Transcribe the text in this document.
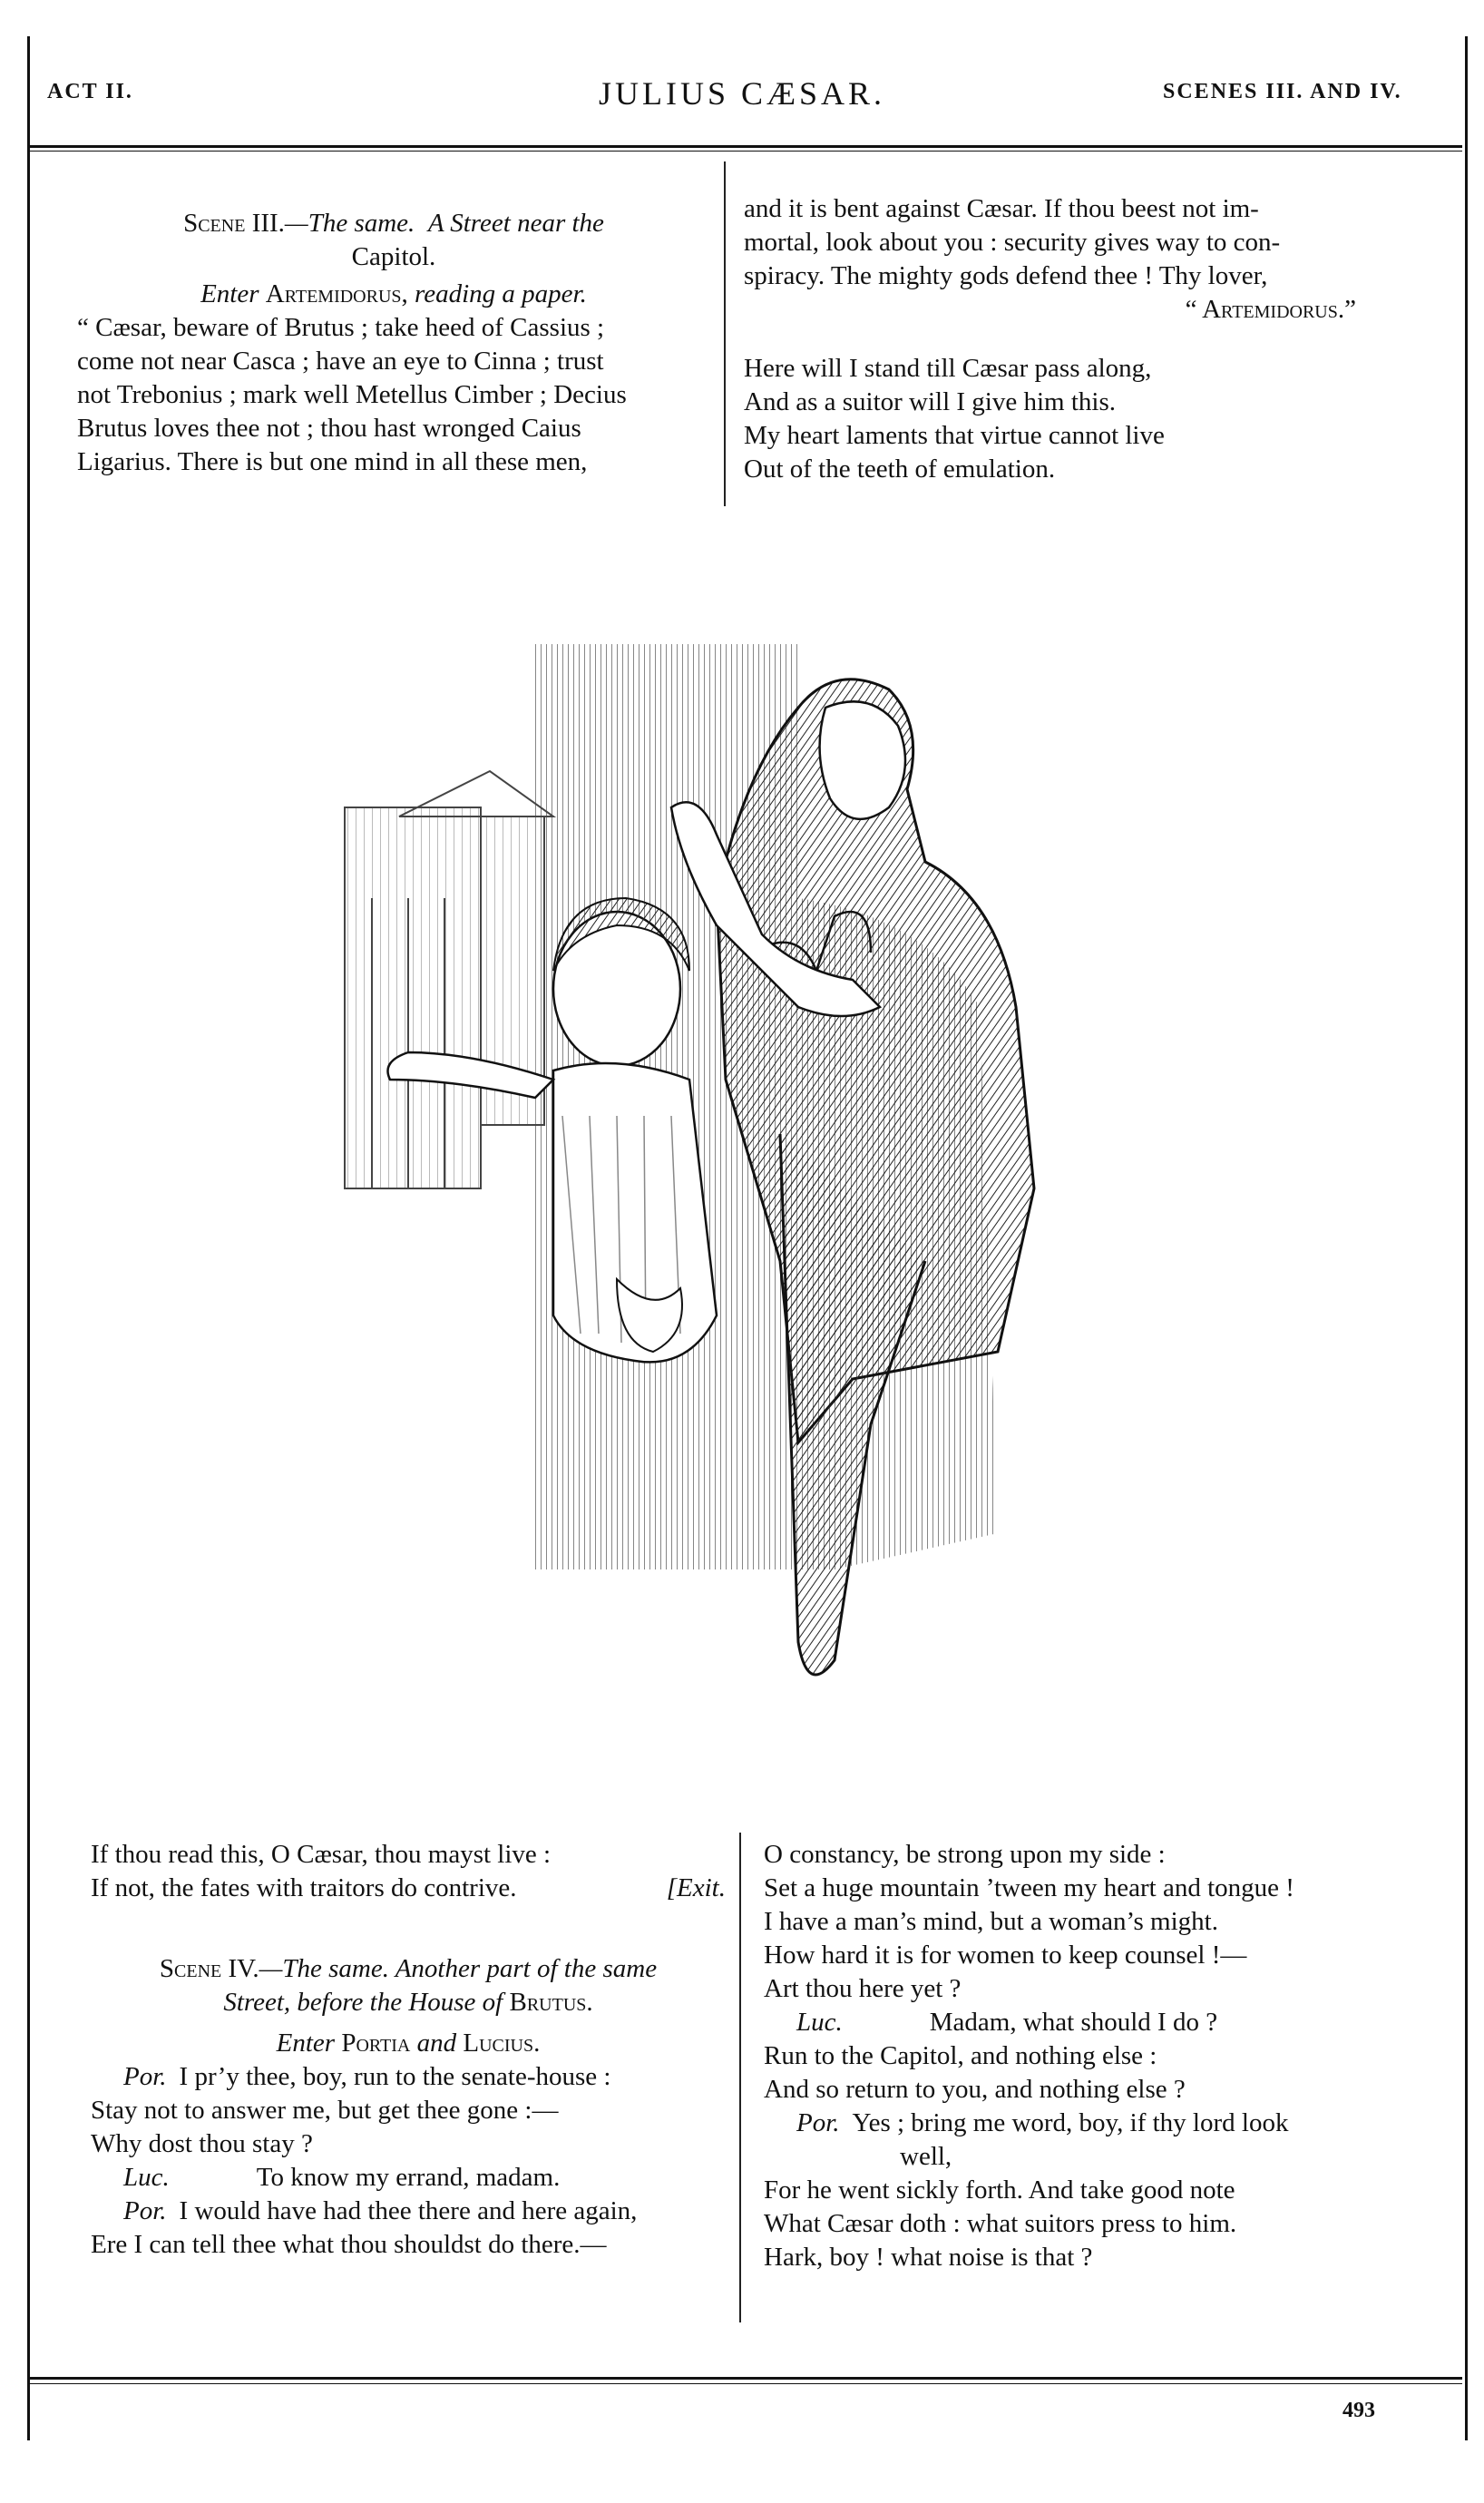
ACT II.	JULIUS CÆSAR.	SCENES III. AND IV.

Scene III.—The same. A Street near the

Capitol.

Enter Artemidorus, reading a paper.

“ Cæsar, beware of Brutus ; take heed of Cassius ;

come not near Casca ; have an eye to Cinna ; trust

not Trebonius ; mark well Metellus Cimber ; Decius

Brutus loves thee not ; thou hast wronged Caius

Ligarius. There is but one mind in all these men,

and it is bent against Cæsar. If thou beest not im-

mortal, look about you : security gives way to con-

spiracy. The mighty gods defend thee ! Thy lover,

“ Artemidorus.”

Here will I stand till Cæsar pass along,

And as a suitor will I give him this.

My heart laments that virtue cannot live

Out of the teeth of emulation.

If thou read this, O Cæsar, thou mayst live :

If not, the fates with traitors do contrive.	[Exit.

Scene IV.—The same. Another part of the same

Street, before the House of Brutus.

Enter Portia and Lucius.

Por. I pr’y thee, boy, run to the senate-house :

Stay not to answer me, but get thee gone :—

Why dost thou stay ?

Luc.	To know my errand, madam.

Por. I would have had thee there and here again,

Ere I can tell thee what thou shouldst do there.—

O constancy, be strong upon my side :

Set a huge mountain ’tween my heart and tongue !

I have a man’s mind, but a woman’s might.

How hard it is for women to keep counsel !—

Art thou here yet ?

Luc.	Madam, what should I do ?

Run to the Capitol, and nothing else :

And so return to you, and nothing else ?

Por. Yes ; bring me word, boy, if thy lord look

well,

For he went sickly forth. And take good note

What Cæsar doth : what suitors press to him.

Hark, boy ! what noise is that ?

493
